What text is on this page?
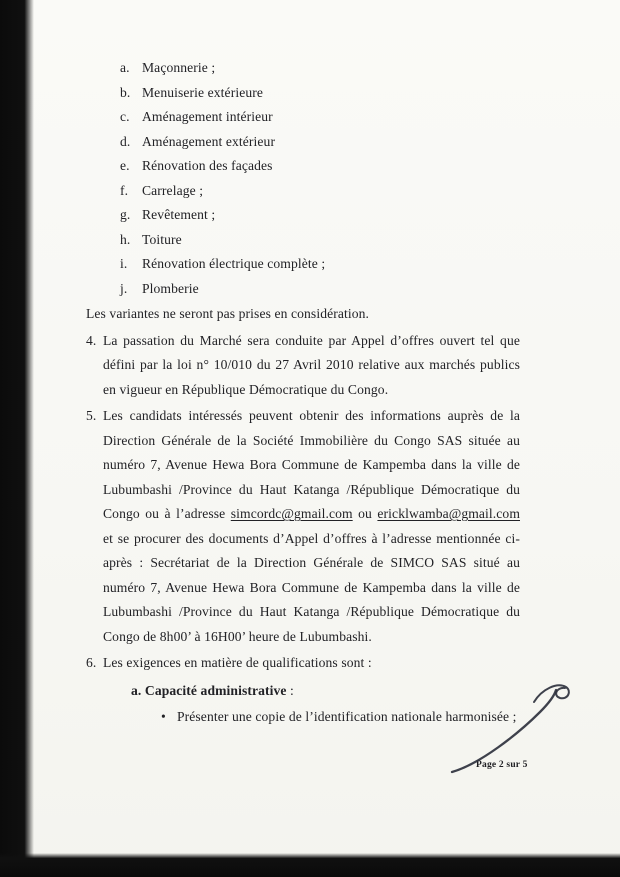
a. Maçonnerie ;
b. Menuiserie extérieure
c. Aménagement intérieur
d. Aménagement extérieur
e. Rénovation des façades
f.	Carrelage ;
g. Revêtement ;
h. Toiture
i.	Rénovation électrique complète ;
j.	Plomberie
Les variantes ne seront pas prises en considération.
4. La passation du Marché sera conduite par Appel d’offres ouvert tel que défini par la loi n° 10/010 du 27 Avril 2010 relative aux marchés publics en vigueur en République Démocratique du Congo.

5. Les candidats intéressés peuvent obtenir des informations auprès de la Direction Générale de la Société Immobilière du Congo SAS située au numéro 7, Avenue Hewa Bora Commune de Kampemba dans la ville de Lubumbashi /Province du Haut Katanga /République Démocratique du Congo ou à l’adresse simcordc@gmail.com ou ericklwamba@gmail.com et se procurer des documents d’Appel d’offres à l’adresse mentionnée ci-après : Secrétariat de la Direction Générale de SIMCO SAS situé au numéro 7, Avenue Hewa Bora Commune de Kampemba dans la ville de Lubumbashi /Province du Haut Katanga /République Démocratique du Congo de 8h00’ à 16H00’ heure de Lubumbashi.

6. Les exigences en matière de qualifications sont :

a. Capacité administrative :
• Présenter une copie de l’identification nationale harmonisée ;
Page 2 sur 5
